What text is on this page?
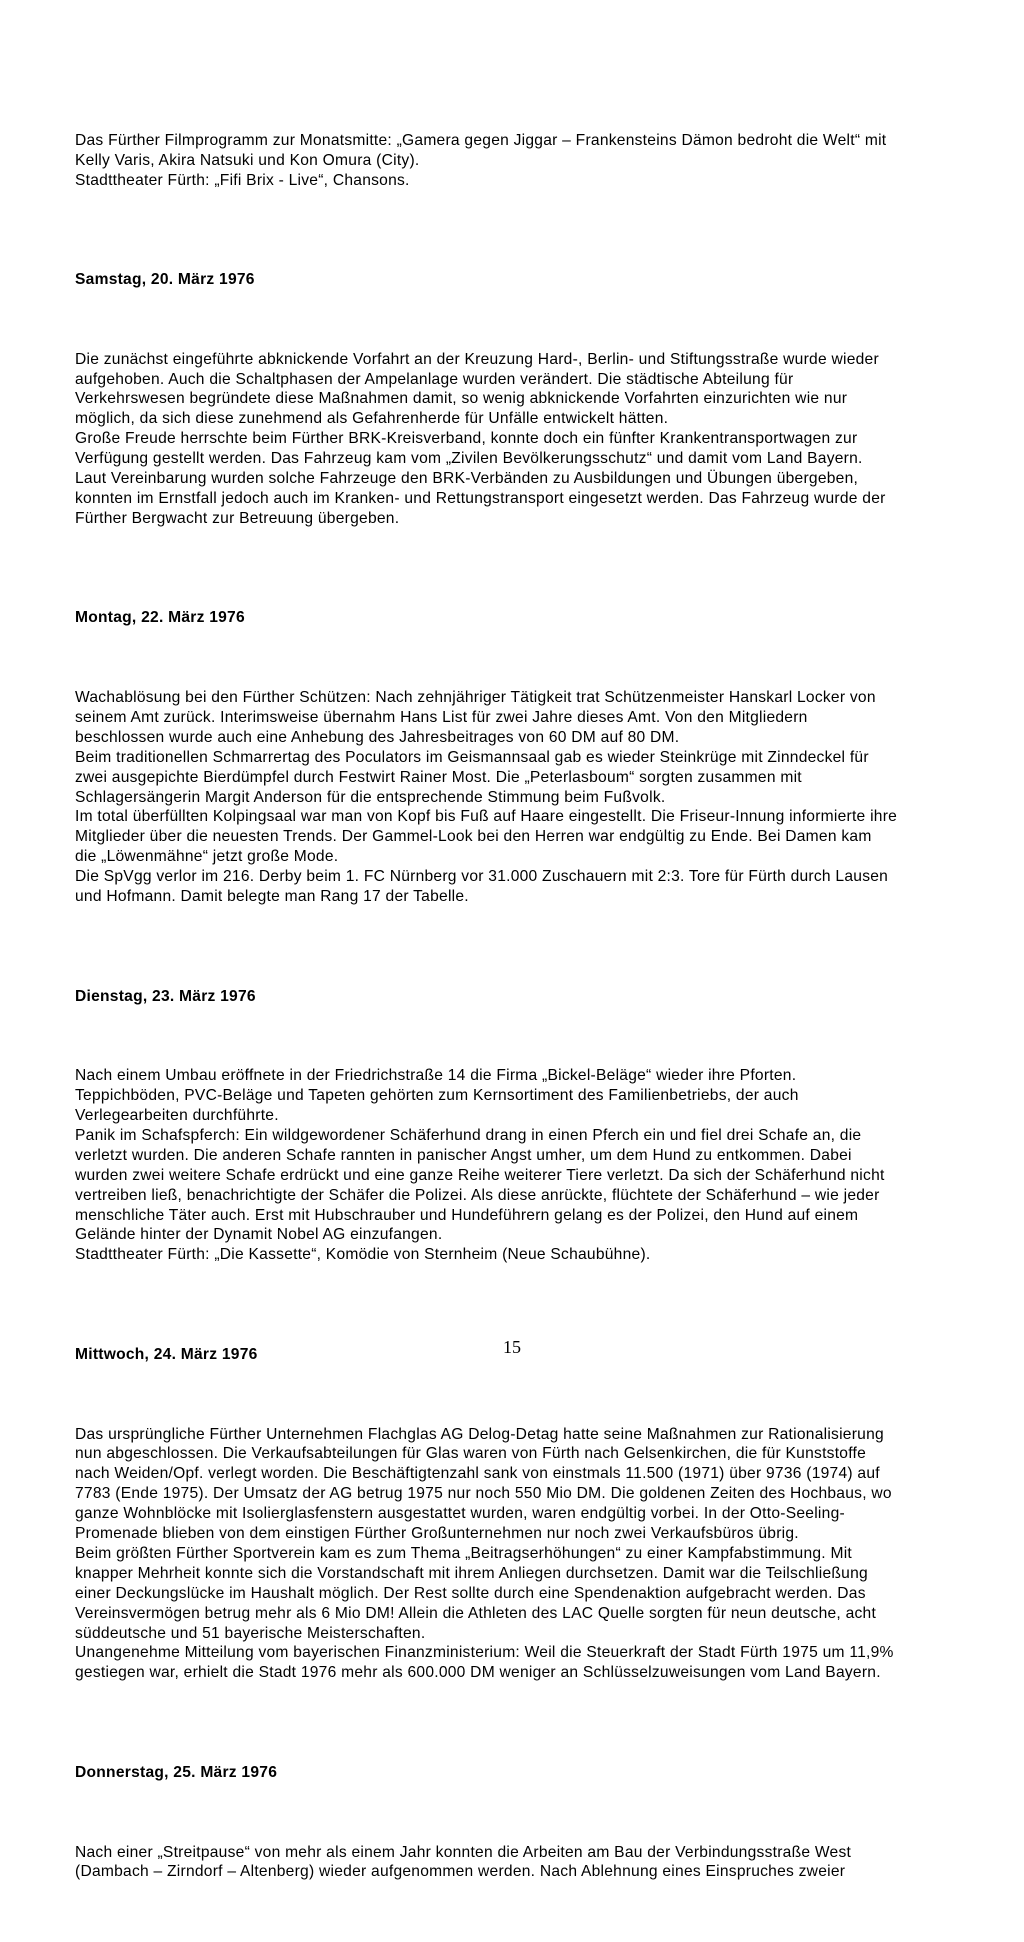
Das Fürther Filmprogramm zur Monatsmitte: „Gamera gegen Jiggar – Frankensteins Dämon bedroht die Welt“ mit
Kelly Varis, Akira Natsuki und Kon Omura (City).
Stadttheater Fürth: „Fifi Brix - Live“, Chansons.

Samstag, 20. März 1976

Die zunächst eingeführte abknickende Vorfahrt an der Kreuzung Hard-, Berlin- und Stiftungsstraße wurde wieder
aufgehoben. Auch die Schaltphasen der Ampelanlage wurden verändert. Die städtische Abteilung für
Verkehrswesen begründete diese Maßnahmen damit, so wenig abknickende Vorfahrten einzurichten wie nur
möglich, da sich diese zunehmend als Gefahrenherde für Unfälle entwickelt hätten.
Große Freude herrschte beim Fürther BRK-Kreisverband, konnte doch ein fünfter Krankentransportwagen zur
Verfügung gestellt werden. Das Fahrzeug kam vom „Zivilen Bevölkerungsschutz“ und damit vom Land Bayern.
Laut Vereinbarung wurden solche Fahrzeuge den BRK-Verbänden zu Ausbildungen und Übungen übergeben,
konnten im Ernstfall jedoch auch im Kranken- und Rettungstransport eingesetzt werden. Das Fahrzeug wurde der
Fürther Bergwacht zur Betreuung übergeben.

Montag, 22. März 1976

Wachablösung bei den Fürther Schützen: Nach zehnjähriger Tätigkeit trat Schützenmeister Hanskarl Locker von
seinem Amt zurück. Interimsweise übernahm Hans List für zwei Jahre dieses Amt. Von den Mitgliedern
beschlossen wurde auch eine Anhebung des Jahresbeitrages von 60 DM auf 80 DM.
Beim traditionellen Schmarrertag des Poculators im Geismannsaal gab es wieder Steinkrüge mit Zinndeckel für
zwei ausgepichte Bierdümpfel durch Festwirt Rainer Most. Die „Peterlasboum“ sorgten zusammen mit
Schlagersängerin Margit Anderson für die entsprechende Stimmung beim Fußvolk.
Im total überfüllten Kolpingsaal war man von Kopf bis Fuß auf Haare eingestellt. Die Friseur-Innung informierte ihre
Mitglieder über die neuesten Trends. Der Gammel-Look bei den Herren war endgültig zu Ende. Bei Damen kam
die „Löwenmähne“ jetzt große Mode.
Die SpVgg verlor im 216. Derby beim 1. FC Nürnberg vor 31.000 Zuschauern mit 2:3. Tore für Fürth durch Lausen
und Hofmann. Damit belegte man Rang 17 der Tabelle.

Dienstag, 23. März 1976

Nach einem Umbau eröffnete in der Friedrichstraße 14 die Firma „Bickel-Beläge“ wieder ihre Pforten.
Teppichböden, PVC-Beläge und Tapeten gehörten zum Kernsortiment des Familienbetriebs, der auch
Verlegearbeiten durchführte.
Panik im Schafspferch: Ein wildgewordener Schäferhund drang in einen Pferch ein und fiel drei Schafe an, die
verletzt wurden. Die anderen Schafe rannten in panischer Angst umher, um dem Hund zu entkommen. Dabei
wurden zwei weitere Schafe erdrückt und eine ganze Reihe weiterer Tiere verletzt. Da sich der Schäferhund nicht
vertreiben ließ, benachrichtigte der Schäfer die Polizei. Als diese anrückte, flüchtete der Schäferhund – wie jeder
menschliche Täter auch. Erst mit Hubschrauber und Hundeführern gelang es der Polizei, den Hund auf einem
Gelände hinter der Dynamit Nobel AG einzufangen.
Stadttheater Fürth: „Die Kassette“, Komödie von Sternheim (Neue Schaubühne).

Mittwoch, 24. März 1976

Das ursprüngliche Fürther Unternehmen Flachglas AG Delog-Detag hatte seine Maßnahmen zur Rationalisierung
nun abgeschlossen. Die Verkaufsabteilungen für Glas waren von Fürth nach Gelsenkirchen, die für Kunststoffe
nach Weiden/Opf. verlegt worden. Die Beschäftigtenzahl sank von einstmals 11.500 (1971) über 9736 (1974) auf
7783 (Ende 1975). Der Umsatz der AG betrug 1975 nur noch 550 Mio DM. Die goldenen Zeiten des Hochbaus, wo
ganze Wohnblöcke mit Isolierglasfenstern ausgestattet wurden, waren endgültig vorbei. In der Otto-Seeling-
Promenade blieben von dem einstigen Fürther Großunternehmen nur noch zwei Verkaufsbüros übrig.
Beim größten Fürther Sportverein kam es zum Thema „Beitragserhöhungen“ zu einer Kampfabstimmung. Mit
knapper Mehrheit konnte sich die Vorstandschaft mit ihrem Anliegen durchsetzen. Damit war die Teilschließung
einer Deckungslücke im Haushalt möglich. Der Rest sollte durch eine Spendenaktion aufgebracht werden. Das
Vereinsvermögen betrug mehr als 6 Mio DM! Allein die Athleten des LAC Quelle sorgten für neun deutsche, acht
süddeutsche und 51 bayerische Meisterschaften.
Unangenehme Mitteilung vom bayerischen Finanzministerium: Weil die Steuerkraft der Stadt Fürth 1975 um 11,9%
gestiegen war, erhielt die Stadt 1976 mehr als 600.000 DM weniger an Schlüsselzuweisungen vom Land Bayern.

Donnerstag, 25. März 1976

Nach einer „Streitpause“ von mehr als einem Jahr konnten die Arbeiten am Bau der Verbindungsstraße West
(Dambach – Zirndorf – Altenberg) wieder aufgenommen werden. Nach Ablehnung eines Einspruches zweier

15
